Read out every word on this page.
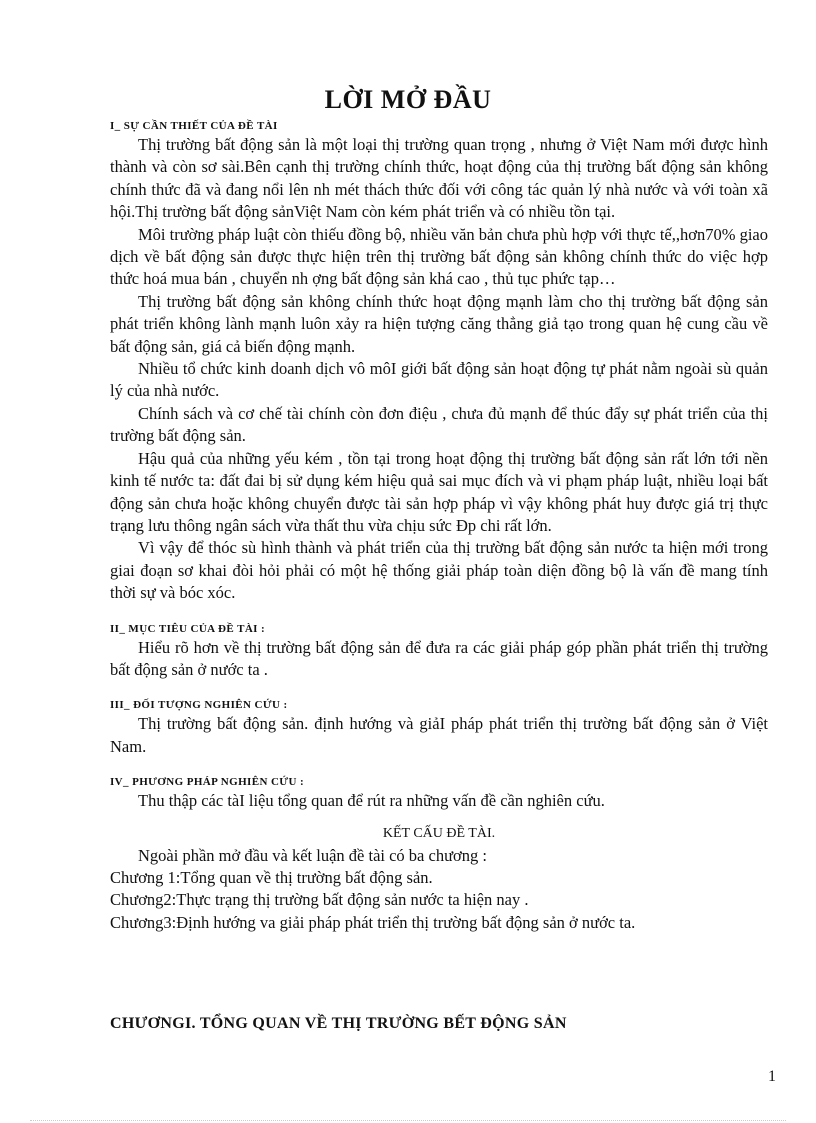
LỜI MỞ ĐẦU
I_ SỰ CẦN THIẾT CỦA ĐỀ TÀI

Thị trường bất động sản là một loại thị trường quan trọng , nhưng ở Việt Nam mới được hình thành và còn sơ sài.Bên cạnh thị trường chính thức, hoạt động của thị trường bất động sản không chính thức đã và đang nổi lên nh mét thách thức đối với công tác quản lý nhà nước và với toàn xã hội.Thị trường bất động sảnViệt Nam còn kém phát triển và có nhiều tồn tại.

Môi trường pháp luật còn thiếu đồng bộ, nhiều văn bản chưa phù hợp với thực tế,,hơn70% giao dịch về bất động sản được thực hiện trên thị trường bất động sản không chính thức do việc hợp thức hoá mua bán , chuyển nh ợng bất động sản khá cao , thủ tục phức tạp…

Thị trường bất động sản không chính thức hoạt động mạnh làm cho thị trường bất động sản phát triển không lành mạnh luôn xảy ra hiện tượng căng thẳng giả tạo trong quan hệ cung cầu về bất động sản, giá cả biến động mạnh.

Nhiều tổ chức kinh doanh dịch vô môI giới bất động sản hoạt động tự phát nằm ngoài sù quản lý của nhà nước.

Chính sách và cơ chế tài chính còn đơn điệu , chưa đủ mạnh để thúc đẩy sự phát triển của thị trường bất động sản.

Hậu quả của những yếu kém , tồn tại trong hoạt động thị trường bất động sản rất lớn tới nền kinh tế nước ta: đất đai bị sử dụng kém hiệu quả sai mục đích và vi phạm pháp luật, nhiều loại bất động sản chưa hoặc không chuyển được tài sản hợp pháp vì vậy không phát huy được giá trị thực trạng lưu thông ngân sách vừa thất thu vừa chịu sức Ðp chi rất lớn.

Vì vậy để thóc sù hình thành và phát triển của thị trường bất động sản nước ta hiện mới trong giai đoạn sơ khai đòi hỏi phải có một hệ thống giải pháp toàn diện đồng bộ là vấn đề mang tính thời sự và bóc xóc.

II_ MỤC TIÊU CỦA ĐỀ TÀI :

Hiểu rõ hơn về thị trường bất động sản để đưa ra các giải pháp góp phần phát triển thị trường bất động sản ở nước ta .

III_ ĐỐI TƯỢNG NGHIÊN CỨU :

Thị trường bất động sản. định hướng và giảI pháp phát triển thị trường bất động sản ở Việt Nam.

IV_ PHƯƠNG PHÁP NGHIÊN CỨU :

Thu thập các tàI liệu tổng quan để rút ra những vấn đề cần nghiên cứu.

KẾT CẤU ĐỀ TÀI.

Ngoài phần mở đầu và kết luận đề tài có ba chương :

Chương 1:Tổng quan về thị trường bất động sản.

Chương2:Thực trạng thị trường bất động sản nước ta hiện nay .

Chương3:Định hướng va giải pháp phát triển thị trường bất động sản ở nước ta.

CHƯƠNGI. TỔNG QUAN VỀ THỊ TRƯỜNG BẾT ĐỘNG SẢN
1
